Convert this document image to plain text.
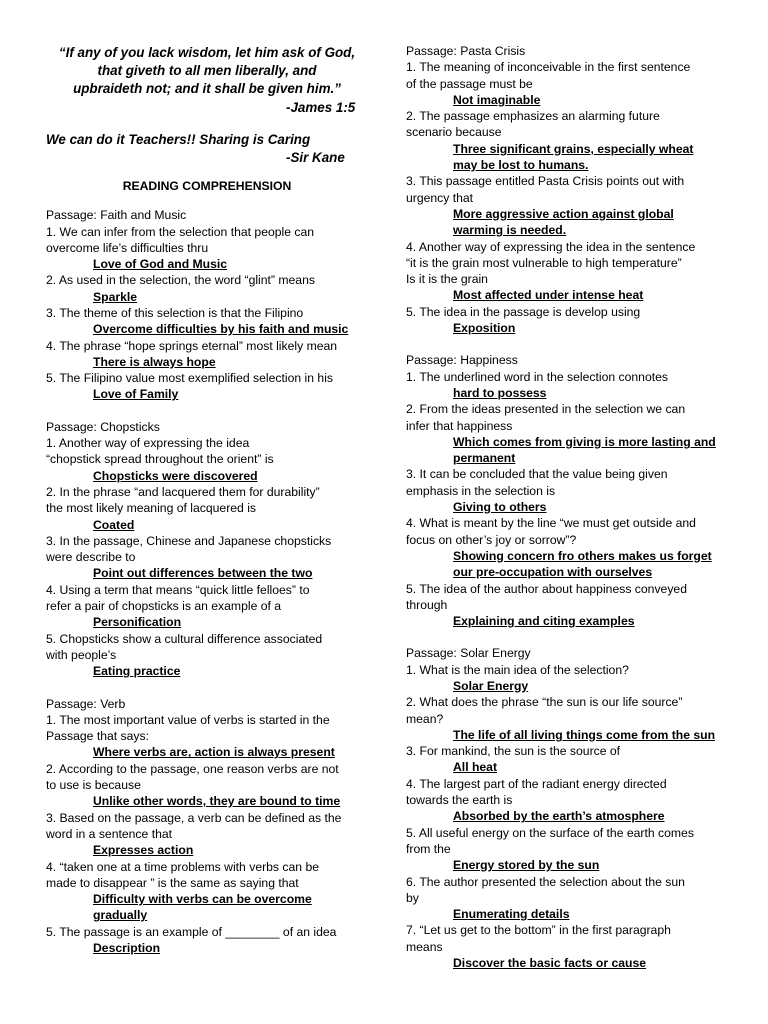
“If any of you lack wisdom, let him ask of God,
that giveth to all men liberally, and
upbraideth not; and it shall be given him.”
-James 1:5
We can do it Teachers!! Sharing is Caring
-Sir Kane
READING COMPREHENSION
Passage: Faith and Music
1. We can infer from the selection that people can
overcome life’s difficulties thru
Love of God and Music
2. As used in the selection, the word “glint” means
Sparkle
3. The theme of this selection is that the Filipino
Overcome difficulties by his faith and music
4. The phrase “hope springs eternal” most likely mean
There is always hope
5. The Filipino value most exemplified selection in his
Love of Family
Passage: Chopsticks
1. Another way of expressing the idea
“chopstick spread throughout the orient” is
Chopsticks were discovered
2. In the phrase “and lacquered them for durability”
the most likely meaning of lacquered is
Coated
3. In the passage, Chinese and Japanese chopsticks
were describe to
Point out differences between the two
4. Using a term that means “quick little felloes” to
refer a pair of chopsticks is an example of a
Personification
5. Chopsticks show a cultural difference associated
with people’s
Eating practice
Passage: Verb
1. The most important value of verbs is started in the
Passage that says:
Where verbs are, action is always present
2. According to the passage, one reason verbs are not
to use is because
Unlike other words, they are bound to time
3. Based on the passage, a verb can be defined as the
word in a sentence that
Expresses action
4. “taken one at a time problems with verbs can be
made to disappear ” is the same as saying that
Difficulty with verbs can be overcome gradually
5. The passage is an example of ________ of an idea
Description
Passage: Pasta Crisis
1. The meaning of inconceivable in the first sentence
of the passage must be
Not imaginable
2. The passage emphasizes an alarming future
scenario because
Three significant grains, especially wheat may be lost to humans.
3. This passage entitled Pasta Crisis points out with
urgency that
More aggressive action against global warming is needed.
4. Another way of expressing the idea in the sentence
“it is the grain most vulnerable to high temperature”
Is it is the grain
Most affected under intense heat
5. The idea in the passage is develop using
Exposition
Passage: Happiness
1. The underlined word in the selection connotes
hard to possess
2. From the ideas presented in the selection we can
infer that happiness
Which comes from giving is more lasting and permanent
3. It can be concluded that the value being given
emphasis in the selection is
Giving to others
4. What is meant by the line “we must get outside and
focus on other’s joy or sorrow”?
Showing concern fro others makes us forget our pre-occupation with ourselves
5. The idea of the author about happiness conveyed
through
Explaining and citing examples
Passage: Solar Energy
1. What is the main idea of the selection?
Solar Energy
2. What does the phrase “the sun is our life source”
mean?
The life of all living things come from the sun
3. For mankind, the sun is the source of
All heat
4. The largest part of the radiant energy directed
towards the earth is
Absorbed by the earth’s atmosphere
5. All useful energy on the surface of the earth comes
from the
Energy stored by the sun
6. The author presented the selection about the sun
by
Enumerating details
7. “Let us get to the bottom” in the first paragraph
means
Discover the basic facts or cause
